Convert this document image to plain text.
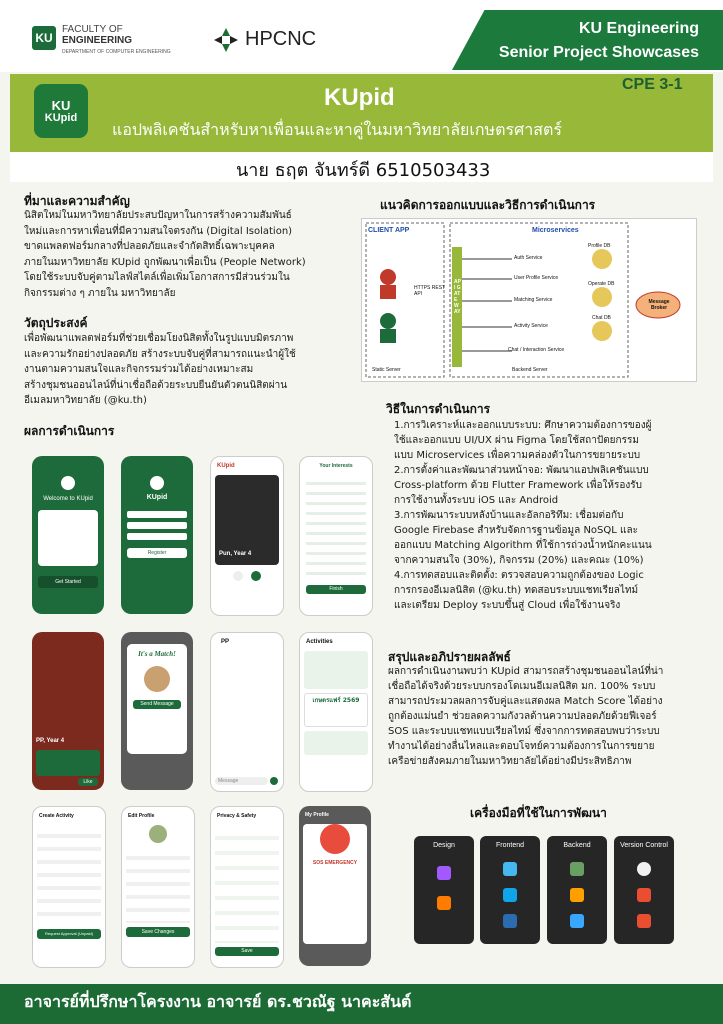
KU
FACULTY OF
ENGINEERING
DEPARTMENT OF COMPUTER ENGINEERING
HPCNC	KU Engineering
Senior Project Showcases
CPE 3-1
KU
KUpid
KUpid
แอปพลิเคชันสำหรับหาเพื่อนและหาคู่ในมหาวิทยาลัยเกษตรศาสตร์
นาย ธฤต จันทร์ดี 6510503433
ที่มาและความสำคัญ
นิสิตใหม่ในมหาวิทยาลัยประสบปัญหาในการสร้างความสัมพันธ์
ใหม่และการหาเพื่อนที่มีความสนใจตรงกัน (Digital Isolation)
ขาดแพลตฟอร์มกลางที่ปลอดภัยและจำกัดสิทธิ์เฉพาะบุคคล
ภายในมหาวิทยาลัย KUpid ถูกพัฒนาเพื่อเป็น (People Network)
โดยใช้ระบบจับคู่ตามไลฟ์สไตล์เพื่อเพิ่มโอกาสการมีส่วนร่วมใน
กิจกรรมต่าง ๆ ภายใน มหาวิทยาลัย
วัตถุประสงค์
เพื่อพัฒนาแพลตฟอร์มที่ช่วยเชื่อมโยงนิสิตทั้งในรูปแบบมิตรภาพ
และความรักอย่างปลอดภัย สร้างระบบจับคู่ที่สามารถแนะนำผู้ใช้
งานตามความสนใจและกิจกรรมร่วมได้อย่างเหมาะสม
สร้างชุมชนออนไลน์ที่น่าเชื่อถือด้วยระบบยืนยันตัวตนนิสิตผ่าน
อีเมลมหาวิทยาลัย (@ku.th)
ผลการดำเนินการ
Welcome to KUpid
Get Started
KUpid
Register
KUpid
Pun, Year 4
Your Interests
Finish
PP, Year 4
Like
It's a Match!
Send Message
PP
Message
Activities
เกษตรแฟร์ 2569
Create Activity
Request Approval (Unpaid)
Edit Profile
Save Changes
Privacy & Safety
Save
My Profile
SOS EMERGENCY
แนวคิดการออกแบบและวิธีการดำเนินการ
CLIENT APP	Microservices
API GATEWAY
HTTPS REST API
Auth Service
User Profile Service
Matching Service
Activity Service
Chat / Interaction Service
Profile DB
Operate DB
Chat DB
Message Broker
Static Server	Backend Server
วิธีในการดำเนินการ
1.การวิเคราะห์และออกแบบระบบ: ศึกษาความต้องการของผู้
ใช้และออกแบบ UI/UX ผ่าน Figma โดยใช้สถาปัตยกรรม
แบบ Microservices เพื่อความคล่องตัวในการขยายระบบ
2.การตั้งค่าและพัฒนาส่วนหน้าจอ: พัฒนาแอปพลิเคชันแบบ
Cross-platform ด้วย Flutter Framework เพื่อให้รองรับ
การใช้งานทั้งระบบ iOS และ Android
3.การพัฒนาระบบหลังบ้านและอัลกอริทึม: เชื่อมต่อกับ
Google Firebase สำหรับจัดการฐานข้อมูล NoSQL และ
ออกแบบ Matching Algorithm ที่ใช้การถ่วงน้ำหนักคะแนน
จากความสนใจ (30%), กิจกรรม (20%) และคณะ (10%)
4.การทดสอบและติดตั้ง: ตรวจสอบความถูกต้องของ Logic
การกรองอีเมลนิสิต (@ku.th) ทดสอบระบบแชทเรียลไทม์
และเตรียม Deploy ระบบขึ้นสู่ Cloud เพื่อใช้งานจริง
สรุปและอภิปรายผลลัพธ์
ผลการดำเนินงานพบว่า KUpid สามารถสร้างชุมชนออนไลน์ที่น่า
เชื่อถือได้จริงด้วยระบบกรองโดเมนอีเมลนิสิต มก. 100% ระบบ
สามารถประมวลผลการจับคู่และแสดงผล Match Score ได้อย่าง
ถูกต้องแม่นยำ ช่วยลดความกังวลด้านความปลอดภัยด้วยฟีเจอร์
SOS และระบบแชทแบบเรียลไทม์ ซึ่งจากการทดสอบพบว่าระบบ
ทำงานได้อย่างลื่นไหลและตอบโจทย์ความต้องการในการขยาย
เครือข่ายสังคมภายในมหาวิทยาลัยได้อย่างมีประสิทธิภาพ
เครื่องมือที่ใช้ในการพัฒนา
Design	Frontend	Backend	Version Control
อาจารย์ที่ปรึกษาโครงงาน อาจารย์ ดร.ชวณัฐ นาคะสันต์
